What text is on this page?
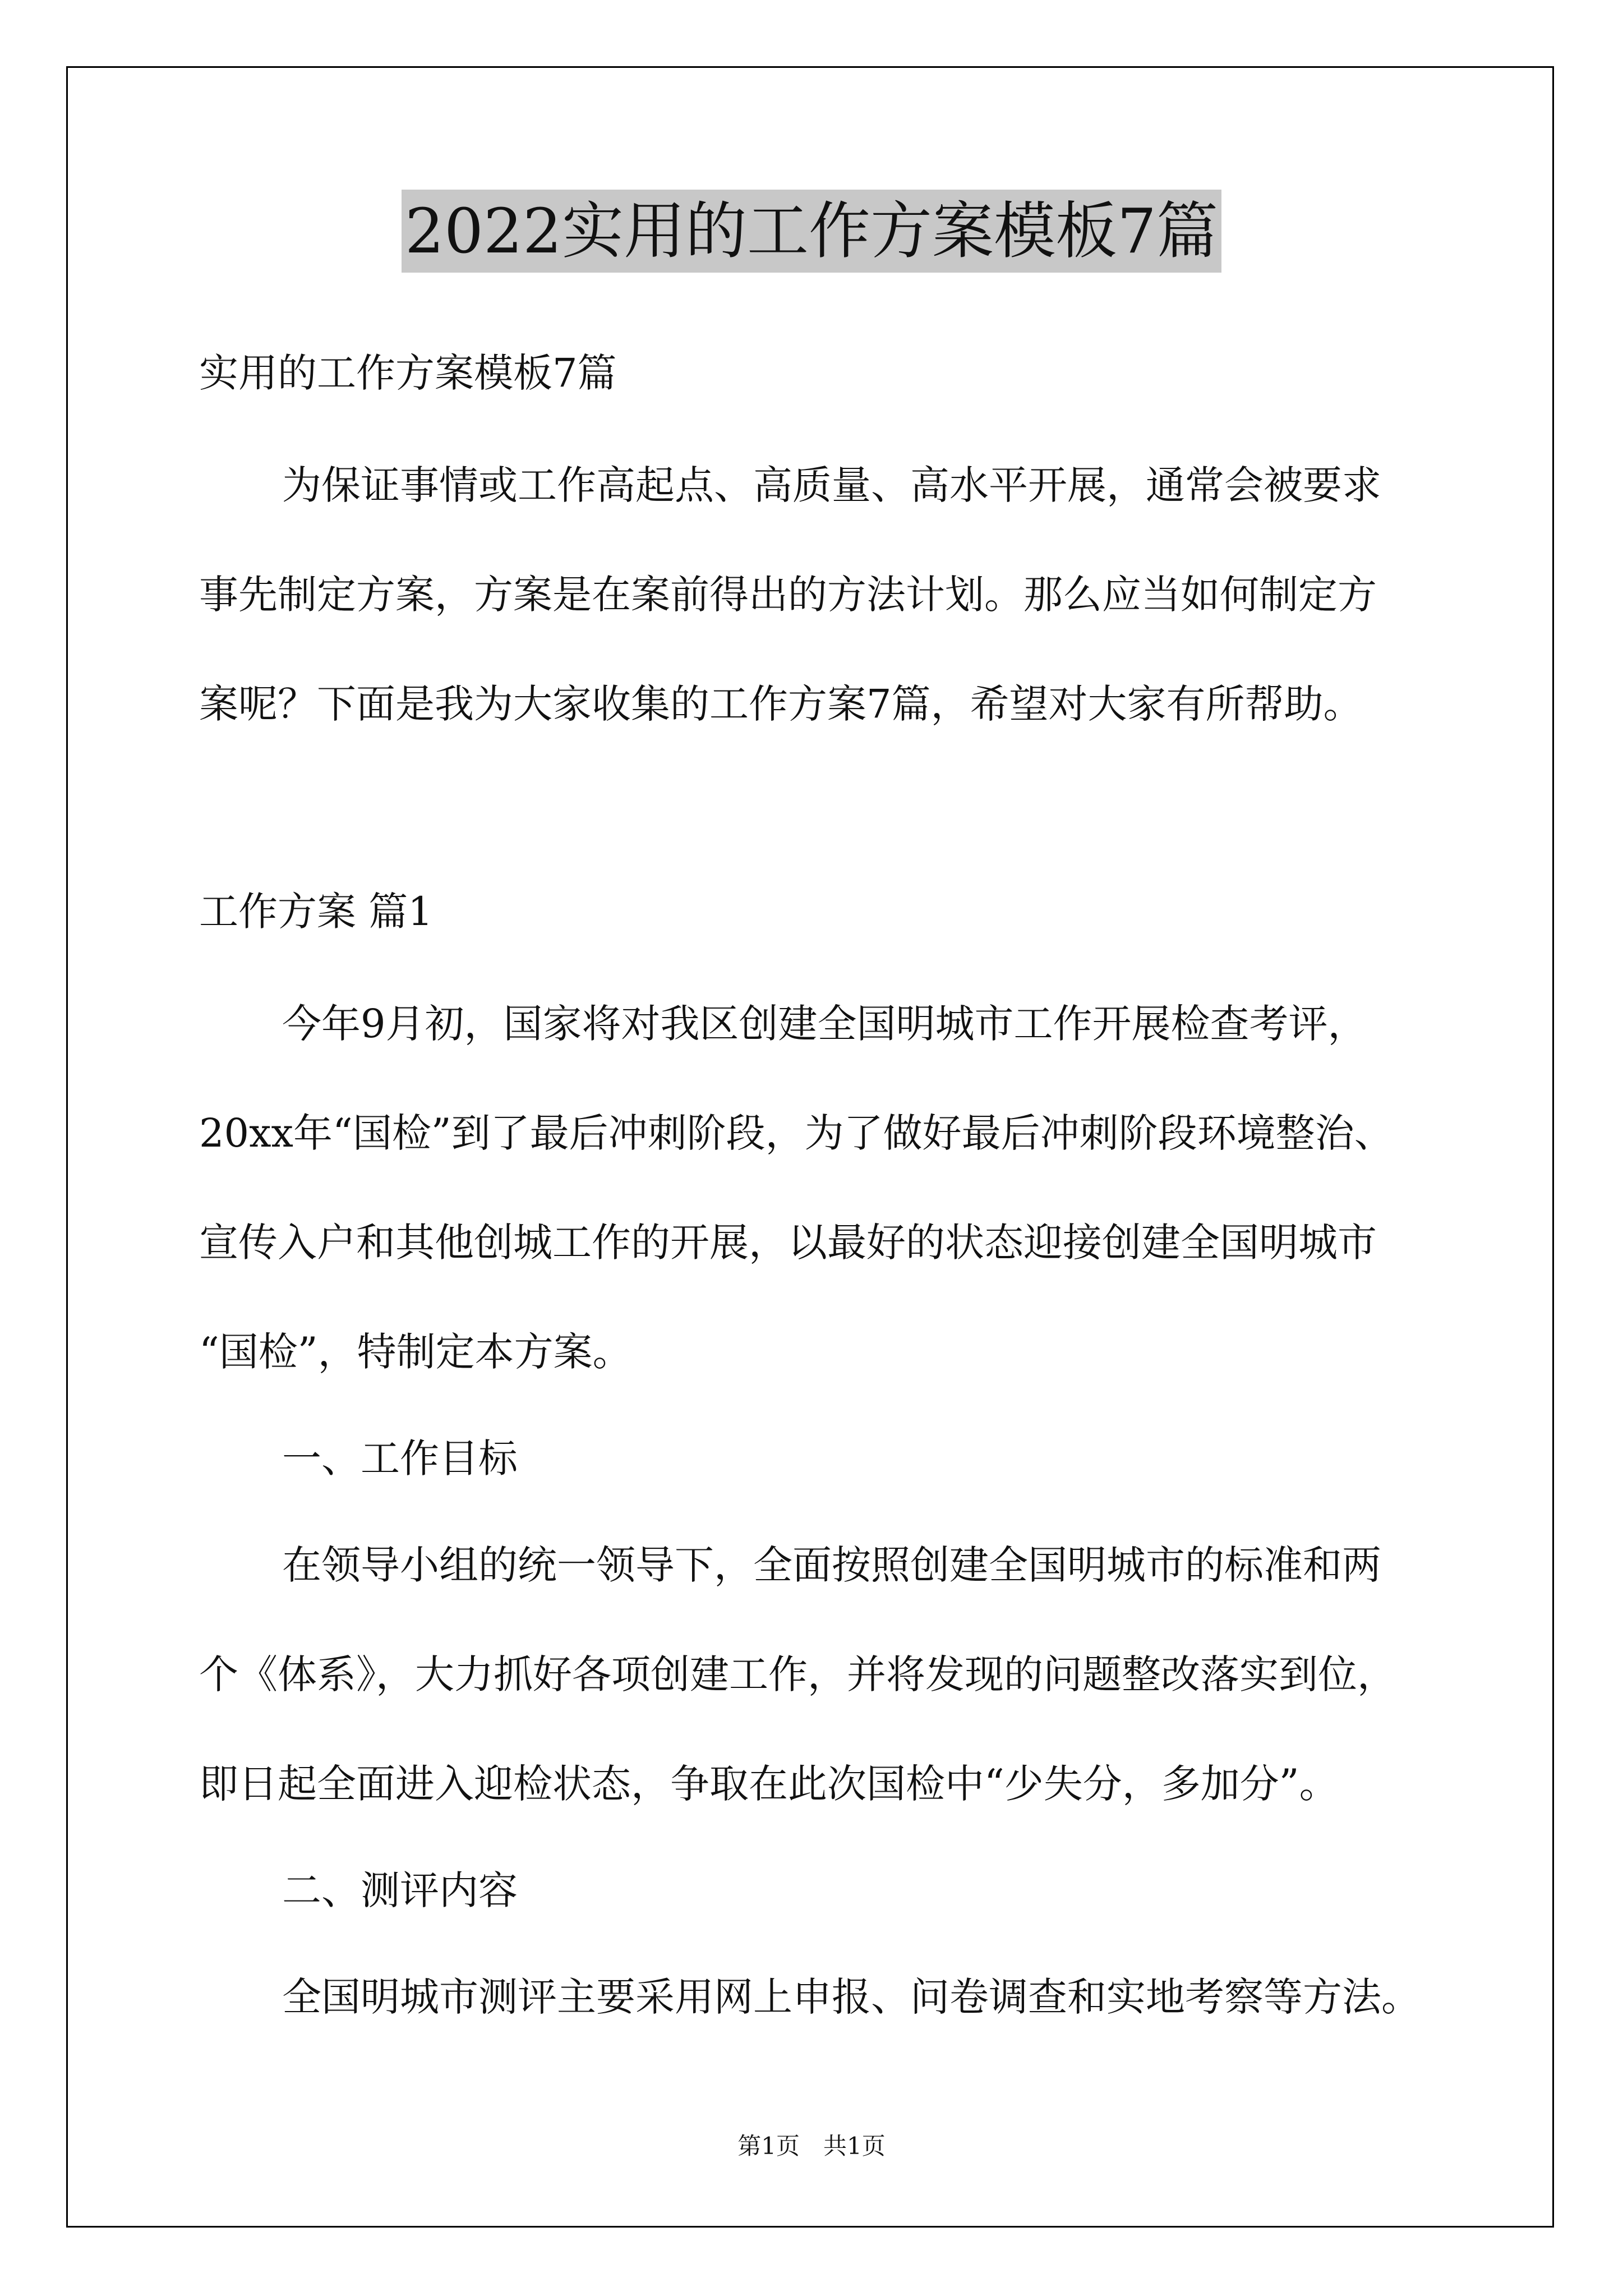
2022实用的工作方案模板7篇
实用的工作方案模板7篇
为保证事情或工作高起点、高质量、高水平开展，通常会被要求
事先制定方案，方案是在案前得出的方法计划。那么应当如何制定方
案呢？下面是我为大家收集的工作方案7篇，希望对大家有所帮助。
工作方案 篇1
今年9月初，国家将对我区创建全国明城市工作开展检查考评，
20xx年“国检”到了最后冲刺阶段，为了做好最后冲刺阶段环境整治、
宣传入户和其他创城工作的开展，以最好的状态迎接创建全国明城市
“国检”，特制定本方案。
一、工作目标
在领导小组的统一领导下，全面按照创建全国明城市的标准和两
个《体系》，大力抓好各项创建工作，并将发现的问题整改落实到位，
即日起全面进入迎检状态，争取在此次国检中“少失分，多加分”。
二、测评内容
全国明城市测评主要采用网上申报、问卷调查和实地考察等方法。
第1页　共1页
